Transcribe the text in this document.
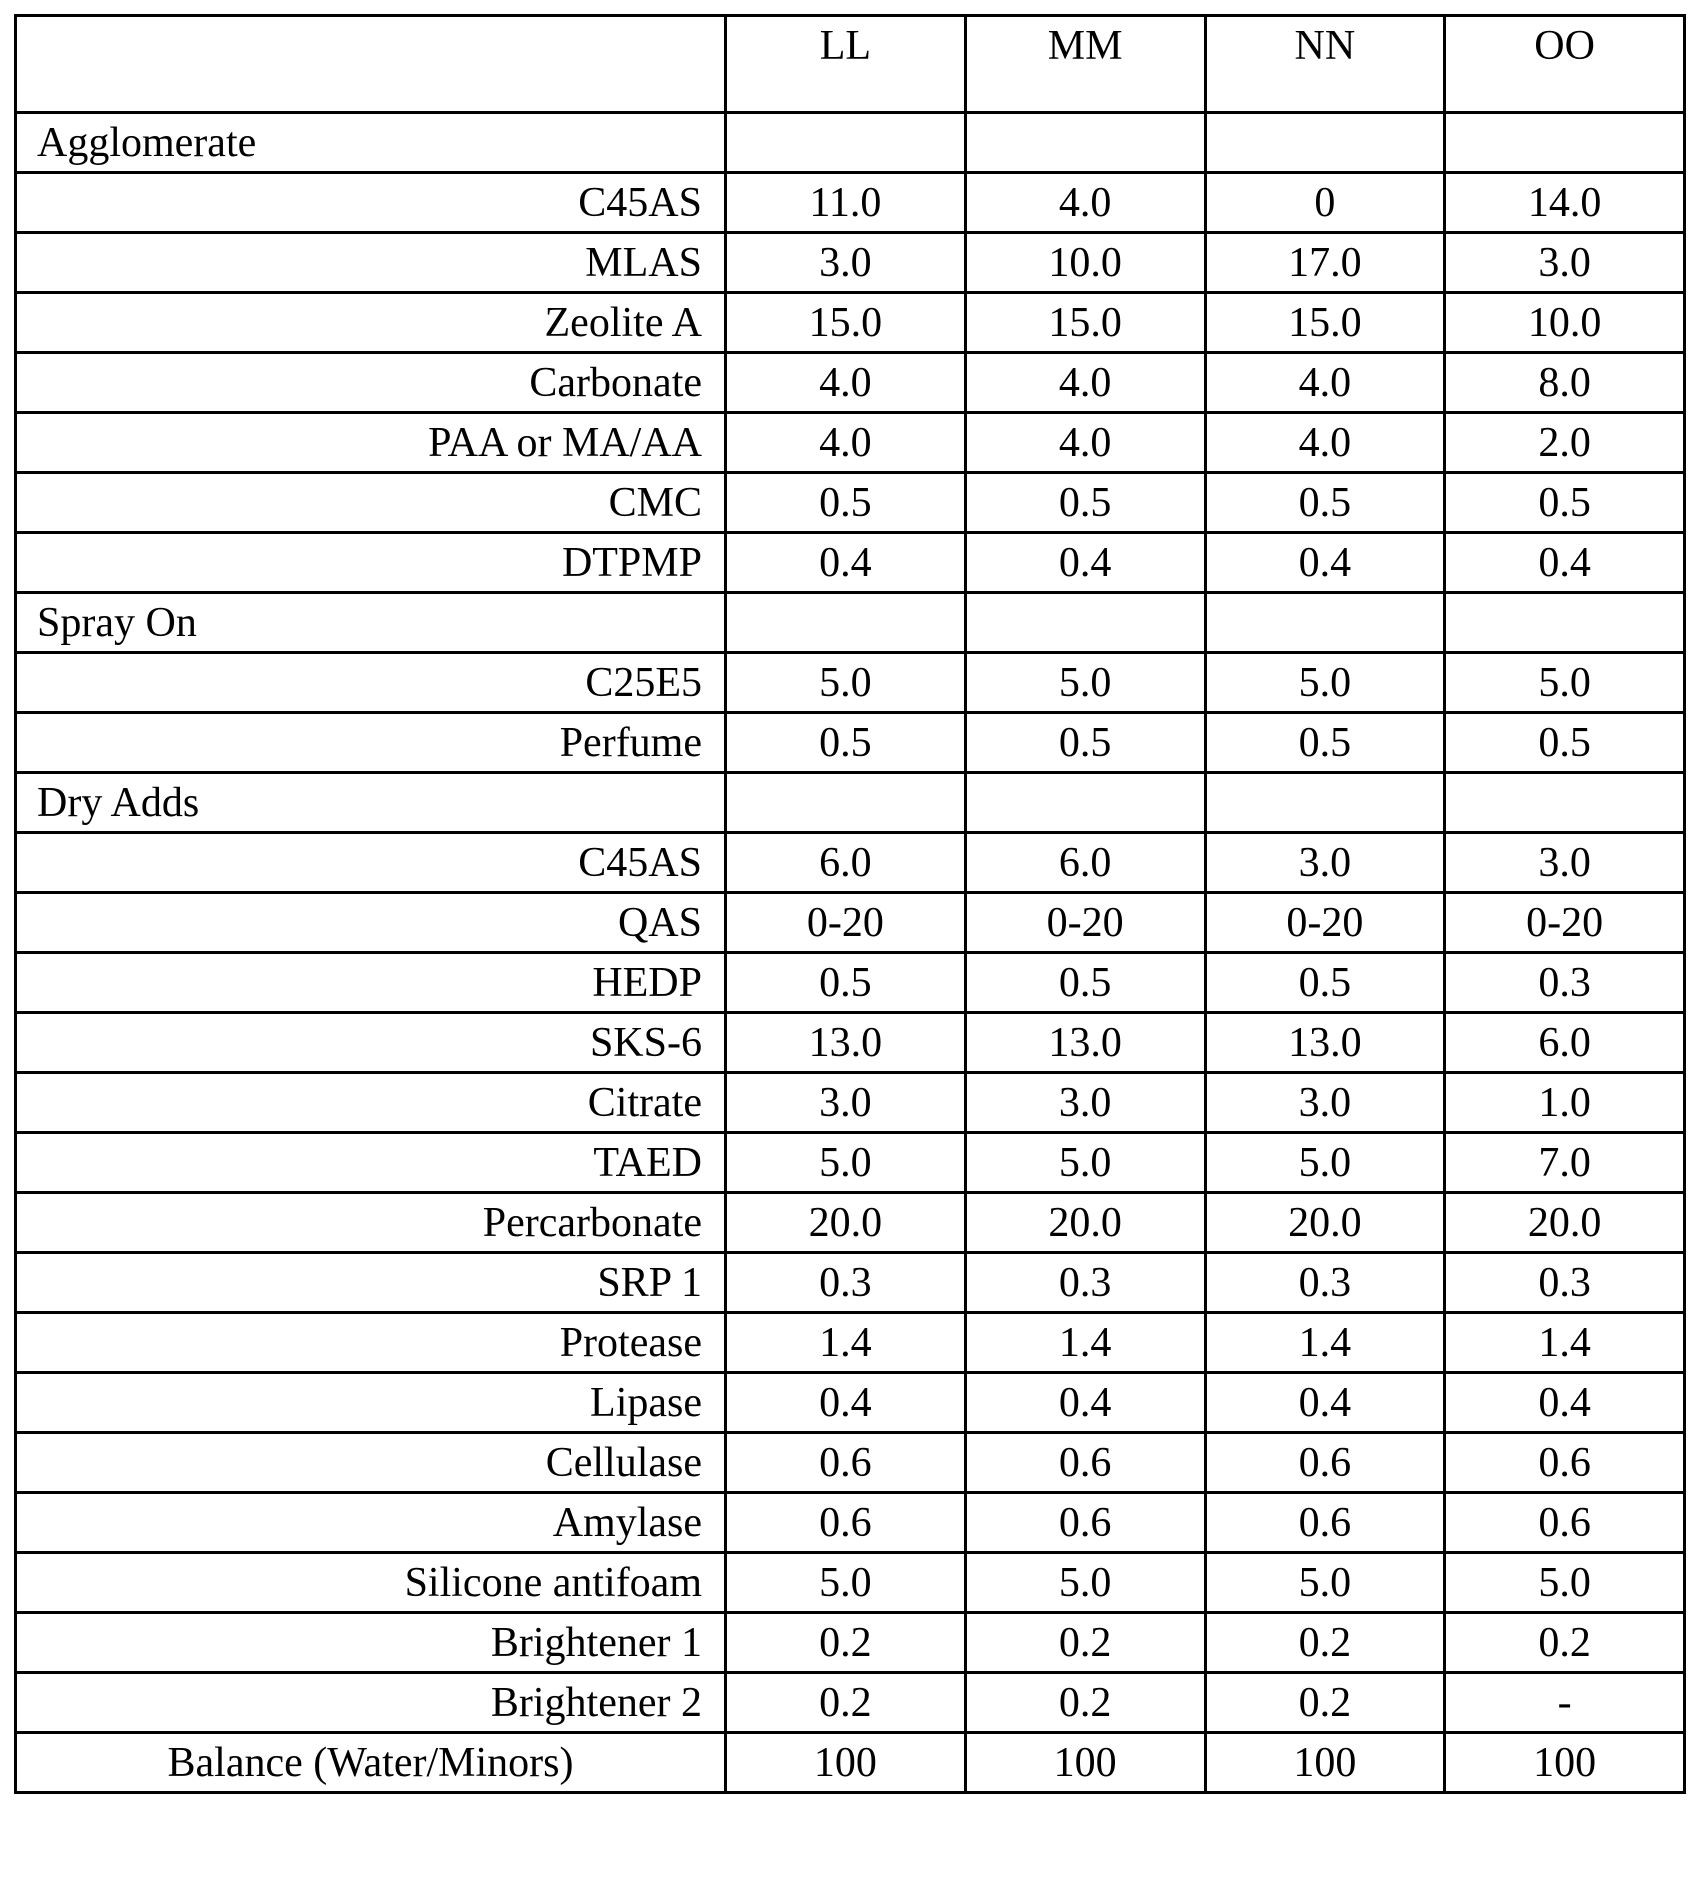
	LL	MM	NN	OO
Agglomerate				
C45AS	11.0	4.0	0	14.0
MLAS	3.0	10.0	17.0	3.0
Zeolite A	15.0	15.0	15.0	10.0
Carbonate	4.0	4.0	4.0	8.0
PAA or MA/AA	4.0	4.0	4.0	2.0
CMC	0.5	0.5	0.5	0.5
DTPMP	0.4	0.4	0.4	0.4
Spray On				
C25E5	5.0	5.0	5.0	5.0
Perfume	0.5	0.5	0.5	0.5
Dry Adds				
C45AS	6.0	6.0	3.0	3.0
QAS	0-20	0-20	0-20	0-20
HEDP	0.5	0.5	0.5	0.3
SKS-6	13.0	13.0	13.0	6.0
Citrate	3.0	3.0	3.0	1.0
TAED	5.0	5.0	5.0	7.0
Percarbonate	20.0	20.0	20.0	20.0
SRP 1	0.3	0.3	0.3	0.3
Protease	1.4	1.4	1.4	1.4
Lipase	0.4	0.4	0.4	0.4
Cellulase	0.6	0.6	0.6	0.6
Amylase	0.6	0.6	0.6	0.6
Silicone antifoam	5.0	5.0	5.0	5.0
Brightener 1	0.2	0.2	0.2	0.2
Brightener 2	0.2	0.2	0.2	-
Balance (Water/Minors)	100	100	100	100
